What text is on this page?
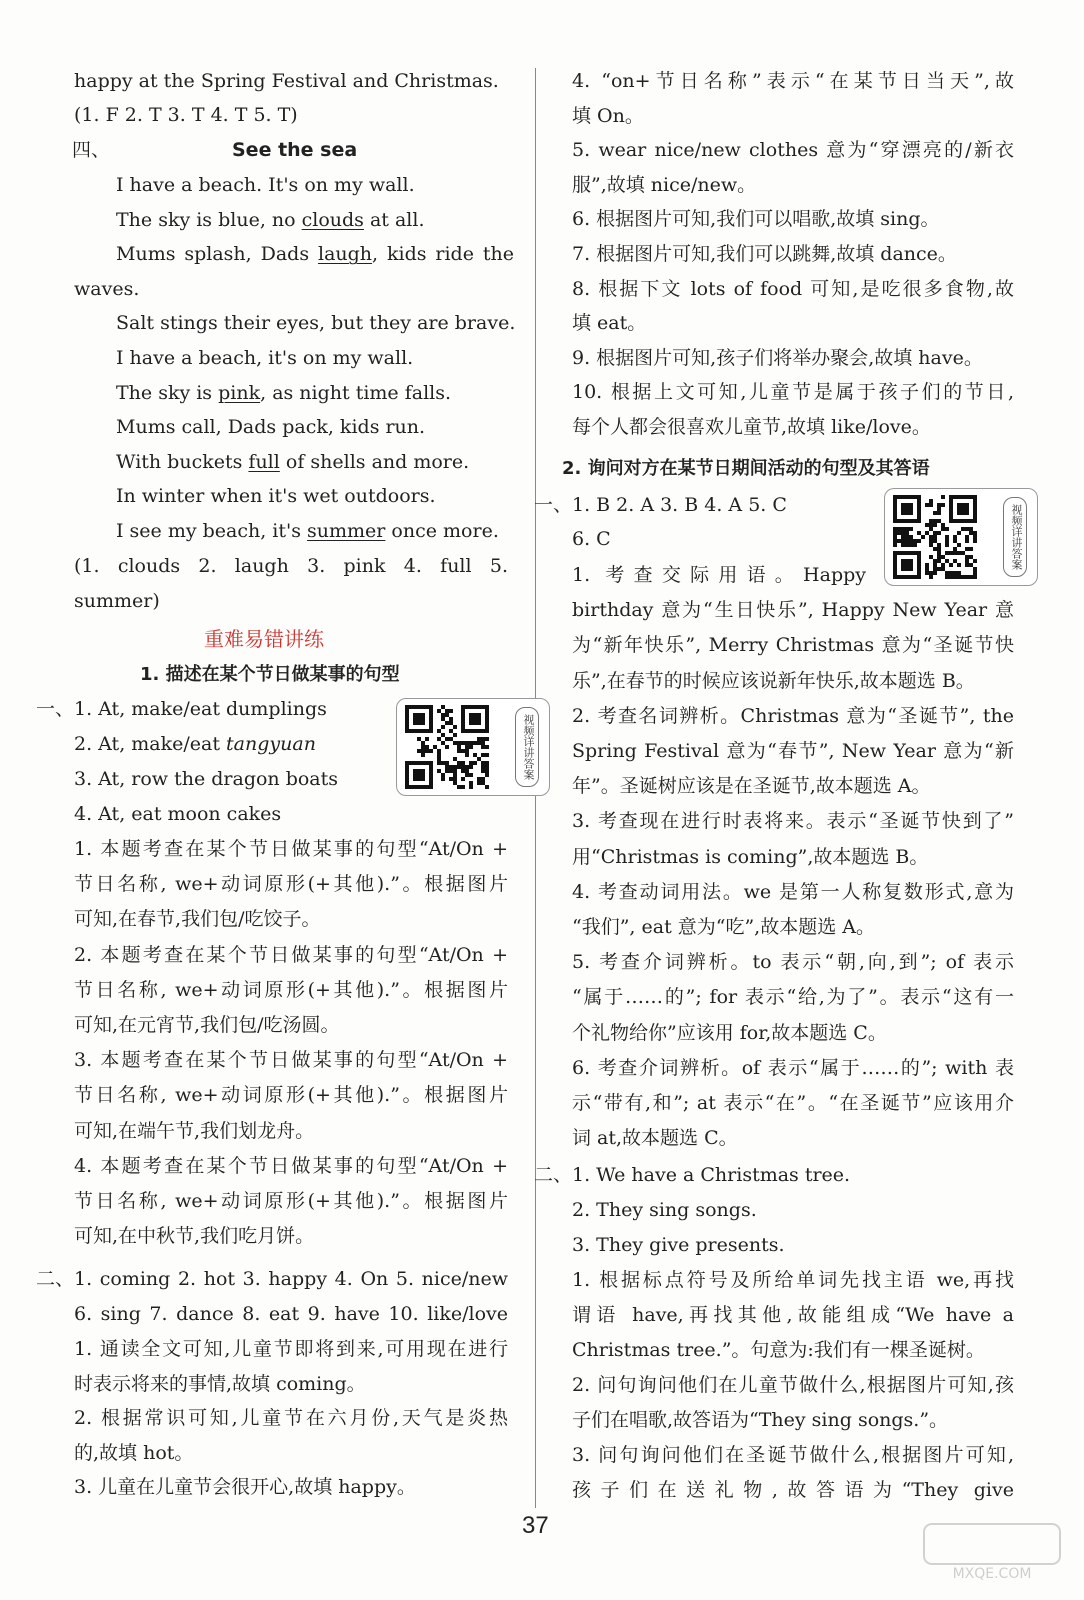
happy at the Spring Festival and Christmas.
(1. F 2. T 3. T 4. T 5. T)
四、	See the sea
I have a beach. It's on my wall.
The sky is blue, no clouds at all.
Mums splash, Dads laugh, kids ride the
waves.
Salt stings their eyes, but they are brave.
I have a beach, it's on my wall.
The sky is pink, as night time falls.
Mums call, Dads pack, kids run.
With buckets full of shells and more.
In winter when it's wet outdoors.
I see my beach, it's summer once more.
(1. clouds 2. laugh 3. pink 4. full 5.
summer)
重难易错讲练
1. 描述在某个节日做某事的句型
一、 1. At, make/eat dumplings
2. At, make/eat tangyuan
3. At, row the dragon boats
4. At, eat moon cakes
视频详讲答案
1. 本题考查在某个节日做某事的句型“At/On +
节日名称, we+动词原形(+其他).”。根据图片
可知,在春节,我们包/吃饺子。
2. 本题考查在某个节日做某事的句型“At/On +
节日名称, we+动词原形(+其他).”。根据图片
可知,在元宵节,我们包/吃汤圆。
3. 本题考查在某个节日做某事的句型“At/On +
节日名称, we+动词原形(+其他).”。根据图片
可知,在端午节,我们划龙舟。
4. 本题考查在某个节日做某事的句型“At/On +
节日名称, we+动词原形(+其他).”。根据图片
可知,在中秋节,我们吃月饼。
二、 1. coming 2. hot 3. happy 4. On 5. nice/new
6. sing 7. dance 8. eat 9. have 10. like/love
1. 通读全文可知,儿童节即将到来,可用现在进行
时表示将来的事情,故填 coming。
2. 根据常识可知,儿童节在六月份,天气是炎热
的,故填 hot。
3. 儿童在儿童节会很开心,故填 happy。
4. “on+节日名称”表示“在某节日当天”,故
填 On。
5. wear nice/new clothes 意为“穿漂亮的/新衣
服”,故填 nice/new。
6. 根据图片可知,我们可以唱歌,故填 sing。
7. 根据图片可知,我们可以跳舞,故填 dance。
8. 根据下文 lots of food 可知,是吃很多食物,故
填 eat。
9. 根据图片可知,孩子们将举办聚会,故填 have。
10. 根据上文可知,儿童节是属于孩子们的节日,
每个人都会很喜欢儿童节,故填 like/love。
2. 询问对方在某节日期间活动的句型及其答语
一、 1. B 2. A 3. B 4. A 5. C
6. C	视频详讲答案
1. 考查交际用语。Happy
birthday 意为“生日快乐”, Happy New Year 意
为“新年快乐”, Merry Christmas 意为“圣诞节快
乐”,在春节的时候应该说新年快乐,故本题选 B。
2. 考查名词辨析。Christmas 意为“圣诞节”, the
Spring Festival 意为“春节”, New Year 意为“新
年”。圣诞树应该是在圣诞节,故本题选 A。
3. 考查现在进行时表将来。表示“圣诞节快到了”
用“Christmas is coming”,故本题选 B。
4. 考查动词用法。we 是第一人称复数形式,意为
“我们”, eat 意为“吃”,故本题选 A。
5. 考查介词辨析。to 表示“朝,向,到”; of 表示
“属于……的”; for 表示“给,为了”。表示“这有一
个礼物给你”应该用 for,故本题选 C。
6. 考查介词辨析。of 表示“属于……的”; with 表
示“带有,和”; at 表示“在”。“在圣诞节”应该用介
词 at,故本题选 C。
二、 1. We have a Christmas tree.
2. They sing songs.
3. They give presents.
1. 根据标点符号及所给单词先找主语 we,再找
谓语 have,再找其他,故能组成“We have a
Christmas tree.”。句意为:我们有一棵圣诞树。
2. 问句询问他们在儿童节做什么,根据图片可知,孩
子们在唱歌,故答语为“They sing songs.”。
3. 问句询问他们在圣诞节做什么,根据图片可知,
孩子们在送礼物,故答语为“They give
37
MXQE.COM
